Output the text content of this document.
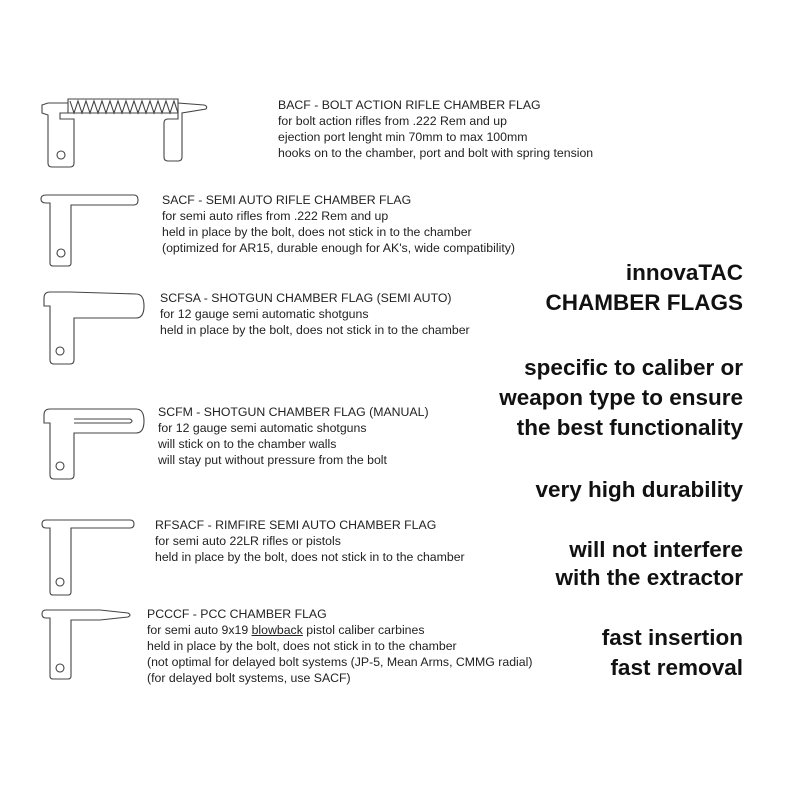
BACF - BOLT ACTION RIFLE CHAMBER FLAG
for bolt action rifles from .222 Rem and up
ejection port lenght min 70mm to max 100mm
hooks on to the chamber, port and bolt with spring tension
SACF - SEMI AUTO RIFLE CHAMBER FLAG
for semi auto rifles from .222 Rem and up
held in place by the bolt, does not stick in to the chamber
(optimized for AR15, durable enough for AK's, wide compatibility)
SCFSA - SHOTGUN CHAMBER FLAG (SEMI AUTO)
for 12 gauge semi automatic shotguns
held in place by the bolt, does not stick in to the chamber
SCFM - SHOTGUN CHAMBER FLAG (MANUAL)
for 12 gauge semi automatic shotguns
will stick on to the chamber walls
will stay put without pressure from the bolt
RFSACF - RIMFIRE SEMI AUTO CHAMBER FLAG
for semi auto 22LR rifles or pistols
held in place by the bolt, does not stick in to the chamber
PCCCF - PCC CHAMBER FLAG
for semi auto 9x19 blowback pistol caliber carbines
held in place by the bolt, does not stick in to the chamber
(not optimal for delayed bolt systems (JP-5, Mean Arms, CMMG radial)
(for delayed bolt systems, use SACF)
innovaTAC
CHAMBER FLAGS
specific to caliber or
weapon type to ensure
the best functionality
very high durability
will not interfere
with the extractor
fast insertion
fast removal
